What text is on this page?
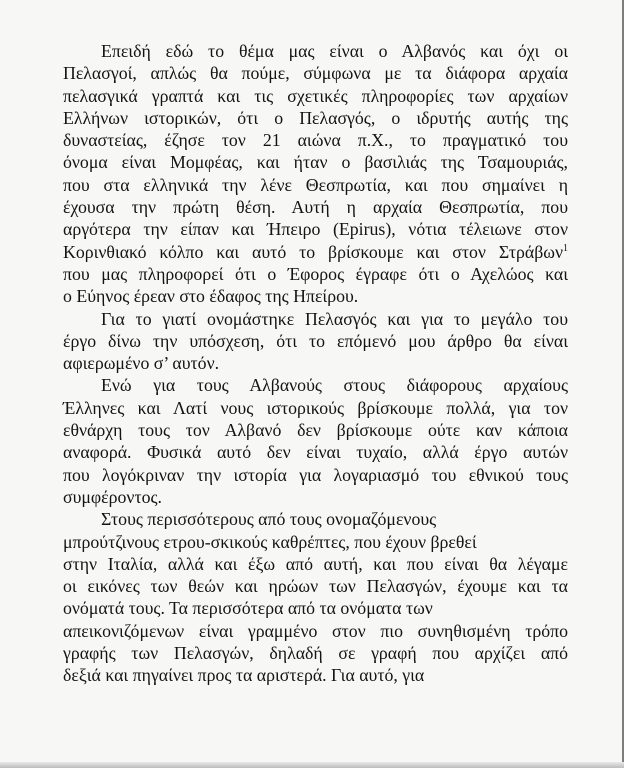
Επειδή εδώ το θέμα μας είναι ο Αλβανός και όχι οι
Πελασγοί, απλώς θα πούμε, σύμφωνα με τα διάφορα αρχαία
πελασγικά γραπτά και τις σχετικές πληροφορίες των αρχαίων
Ελλήνων ιστορικών, ότι ο Πελασγός, ο ιδρυτής αυτής της
δυναστείας, έζησε τον 21 αιώνα π.Χ., το πραγματικό του
όνομα είναι Μομφέας, και ήταν ο βασιλιάς της Τσαμουριάς,
που στα ελληνικά την λένε Θεσπρωτία, και που σημαίνει η
έχουσα την πρώτη θέση. Αυτή η αρχαία Θεσπρωτία, που
αργότερα την είπαν και Ήπειρο (Epirus), νότια τέλειωνε στον
Κορινθιακό κόλπο και αυτό το βρίσκουμε και στον Στράβων$^1$
που μας πληροφορεί ότι ο Έφορος έγραφε ότι ο Αχελώος και
ο Εύηνος έρεαν στο έδαφος της Ηπείρου.
Για το γιατί ονομάστηκε Πελασγός και για το μεγάλο του
έργο δίνω την υπόσχεση, ότι το επόμενό μου άρθρο θα είναι
αφιερωμένο σ’ αυτόν.
Ενώ για τους Αλβανούς στους διάφορους αρχαίους
Έλληνες και Λατί νους ιστορικούς βρίσκουμε πολλά, για τον
εθνάρχη τους τον Αλβανό δεν βρίσκουμε ούτε καν κάποια
αναφορά. Φυσικά αυτό δεν είναι τυχαίο, αλλά έργο αυτών
που λογόκριναν την ιστορία για λογαριασμό του εθνικού τους
συμφέροντος.
Στους περισσότερους από τους ονομαζόμενους
μπρούτζινους ετρου-σκικούς καθρέπτες, που έχουν βρεθεί
στην Ιταλία, αλλά και έξω από αυτή, και που είναι θα λέγαμε
οι εικόνες των θεών και ηρώων των Πελασγών, έχουμε και τα
ονόματά τους. Τα περισσότερα από τα ονόματα των
απεικονιζόμενων είναι γραμμένο στον πιο συνηθισμένη τρόπο
γραφής των Πελασγών, δηλαδή σε γραφή που αρχίζει από
δεξιά και πηγαίνει προς τα αριστερά. Για αυτό, για
